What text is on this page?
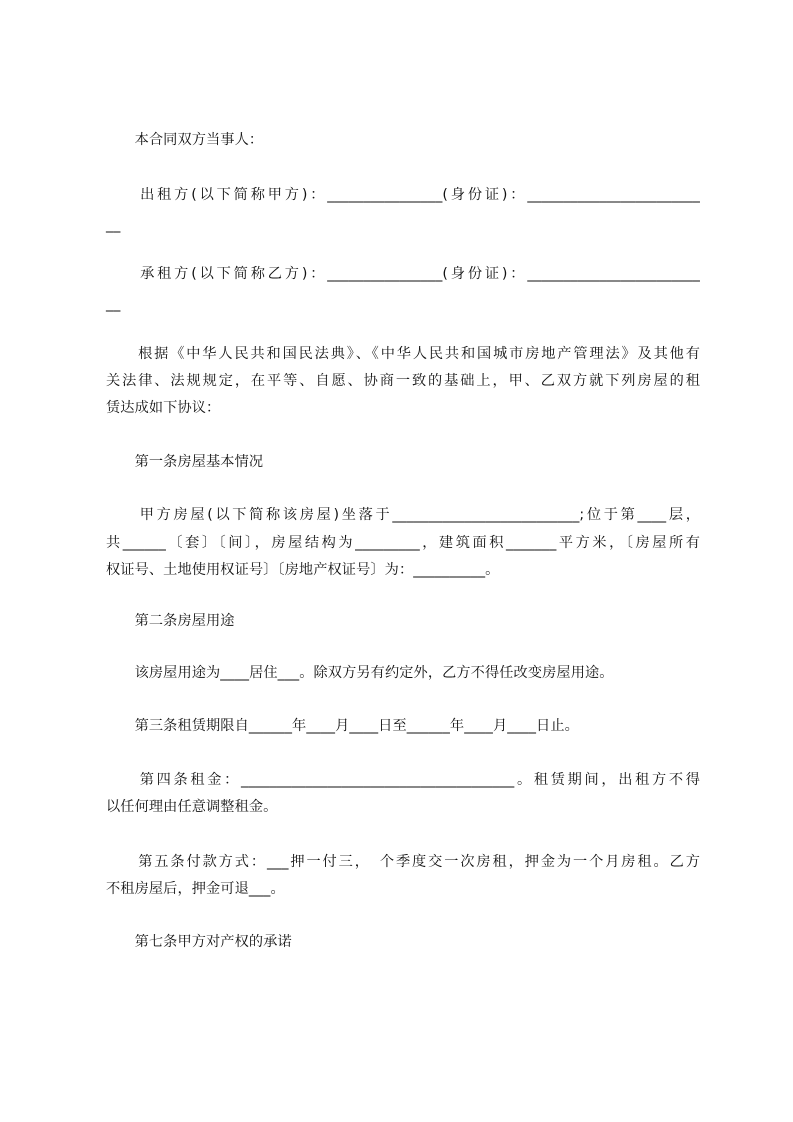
　　本合同双方当事人：
　　出租方(以下简称甲方)：________________(身份证)：________________________
__
　　承租方(以下简称乙方)：________________(身份证)：________________________
__
　　根据《中华人民共和国民法典》、《中华人民共和国城市房地产管理法》及其他有
关法律、法规规定，在平等、自愿、协商一致的基础上，甲、乙双方就下列房屋的租
赁达成如下协议：
　　第一条房屋基本情况
　　甲方房屋(以下简称该房屋)坐落于__________________________;位于第____层，
共______〔套〕〔间〕，房屋结构为_________，建筑面积_______平方米，〔房屋所有
权证号、土地使用权证号〕〔房地产权证号〕为：__________。
　　第二条房屋用途
　　该房屋用途为____居住___。除双方另有约定外，乙方不得任改变房屋用途。
　　第三条租赁期限自______年____月____日至______年____月____日止。
　　第四条租金：______________________________________。租赁期间，出租方不得
以任何理由任意调整租金。
　　第五条付款方式：___押一付三，　个季度交一次房租，押金为一个月房租。乙方
不租房屋后，押金可退___。
　　第七条甲方对产权的承诺
